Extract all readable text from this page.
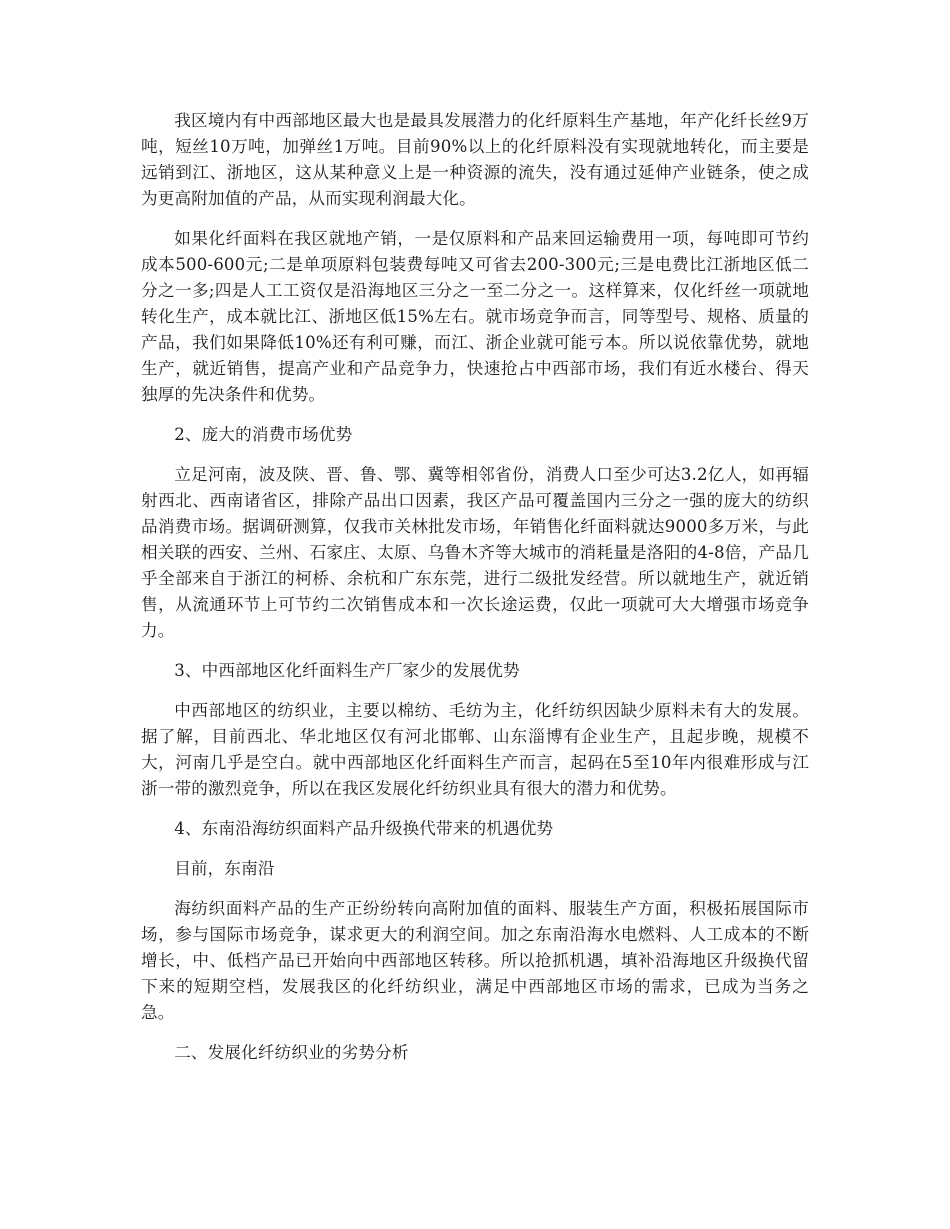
我区境内有中西部地区最大也是最具发展潜力的化纤原料生产基地，年产化纤长丝9万吨，短丝10万吨，加弹丝1万吨。目前90%以上的化纤原料没有实现就地转化，而主要是远销到江、浙地区，这从某种意义上是一种资源的流失，没有通过延伸产业链条，使之成为更高附加值的产品，从而实现利润最大化。

如果化纤面料在我区就地产销，一是仅原料和产品来回运输费用一项，每吨即可节约成本500-600元;二是单项原料包装费每吨又可省去200-300元;三是电费比江浙地区低二分之一多;四是人工工资仅是沿海地区三分之一至二分之一。这样算来，仅化纤丝一项就地转化生产，成本就比江、浙地区低15%左右。就市场竞争而言，同等型号、规格、质量的产品，我们如果降低10%还有利可赚，而江、浙企业就可能亏本。所以说依靠优势，就地生产，就近销售，提高产业和产品竞争力，快速抢占中西部市场，我们有近水楼台、得天独厚的先决条件和优势。

2、庞大的消费市场优势

立足河南，波及陕、晋、鲁、鄂、冀等相邻省份，消费人口至少可达3.2亿人，如再辐射西北、西南诸省区，排除产品出口因素，我区产品可覆盖国内三分之一强的庞大的纺织品消费市场。据调研测算，仅我市关林批发市场，年销售化纤面料就达9000多万米，与此相关联的西安、兰州、石家庄、太原、乌鲁木齐等大城市的消耗量是洛阳的4-8倍，产品几乎全部来自于浙江的柯桥、余杭和广东东莞，进行二级批发经营。所以就地生产，就近销售，从流通环节上可节约二次销售成本和一次长途运费，仅此一项就可大大增强市场竞争力。

3、中西部地区化纤面料生产厂家少的发展优势

中西部地区的纺织业，主要以棉纺、毛纺为主，化纤纺织因缺少原料未有大的发展。据了解，目前西北、华北地区仅有河北邯郸、山东淄博有企业生产，且起步晚，规模不大，河南几乎是空白。就中西部地区化纤面料生产而言，起码在5至10年内很难形成与江浙一带的激烈竞争，所以在我区发展化纤纺织业具有很大的潜力和优势。

4、东南沿海纺织面料产品升级换代带来的机遇优势

目前，东南沿

海纺织面料产品的生产正纷纷转向高附加值的面料、服装生产方面，积极拓展国际市场，参与国际市场竞争，谋求更大的利润空间。加之东南沿海水电燃料、人工成本的不断增长，中、低档产品已开始向中西部地区转移。所以抢抓机遇，填补沿海地区升级换代留下来的短期空档，发展我区的化纤纺织业，满足中西部地区市场的需求，已成为当务之急。

二、发展化纤纺织业的劣势分析
